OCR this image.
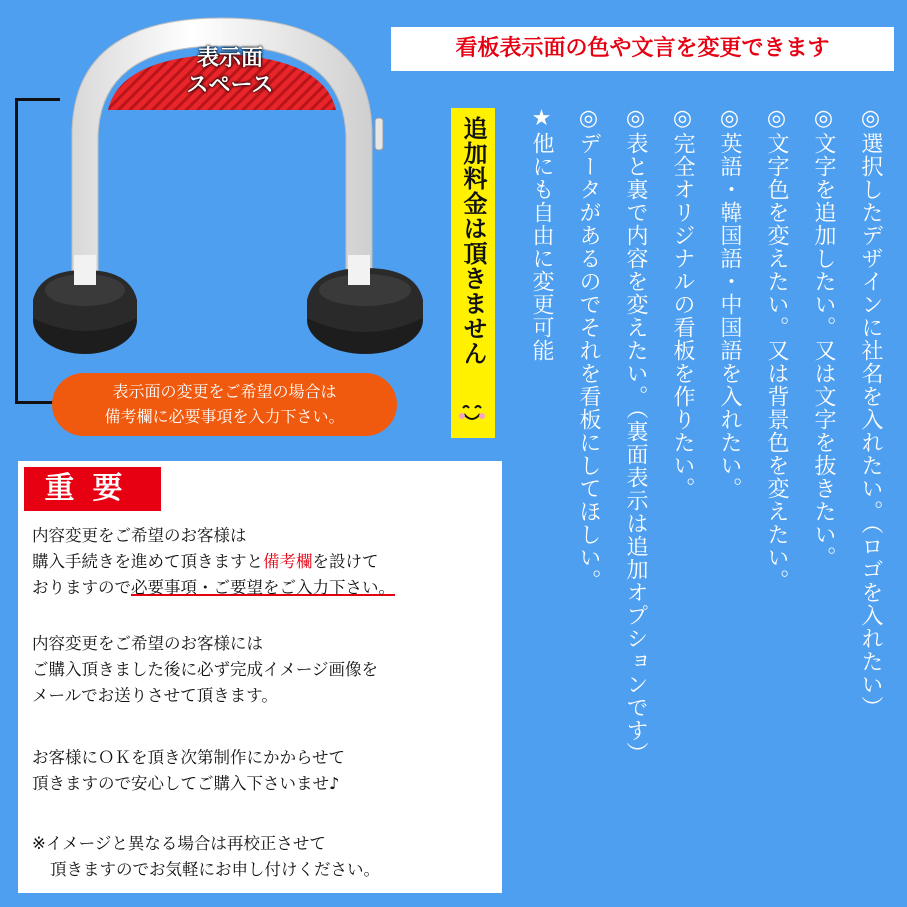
看板表示面の色や文言を変更できます
表示面
スペース
表示面の変更をご希望の場合は
備考欄に必要事項を入力下さい。
追加料金は頂きません
重要
内容変更をご希望のお客様は
購入手続きを進めて頂きますと備考欄を設けて
おりますので必要事項・ご要望をご入力下さい。
内容変更をご希望のお客様には
ご購入頂きました後に必ず完成イメージ画像を
メールでお送りさせて頂きます。
お客様にＯＫを頂き次第制作にかからせて
頂きますので安心してご購入下さいませ♪
※イメージと異なる場合は再校正させて
頂きますのでお気軽にお申し付けください。
◎選択したデザインに社名を入れたい。（ロゴを入れたい）
◎文字を追加したい。又は文字を抜きたい。
◎文字色を変えたい。又は背景色を変えたい。
◎英語・韓国語・中国語を入れたい。
◎完全オリジナルの看板を作りたい。
◎表と裏で内容を変えたい。（裏面表示は追加オプションです）
◎データがあるのでそれを看板にしてほしい。
★他にも自由に変更可能
